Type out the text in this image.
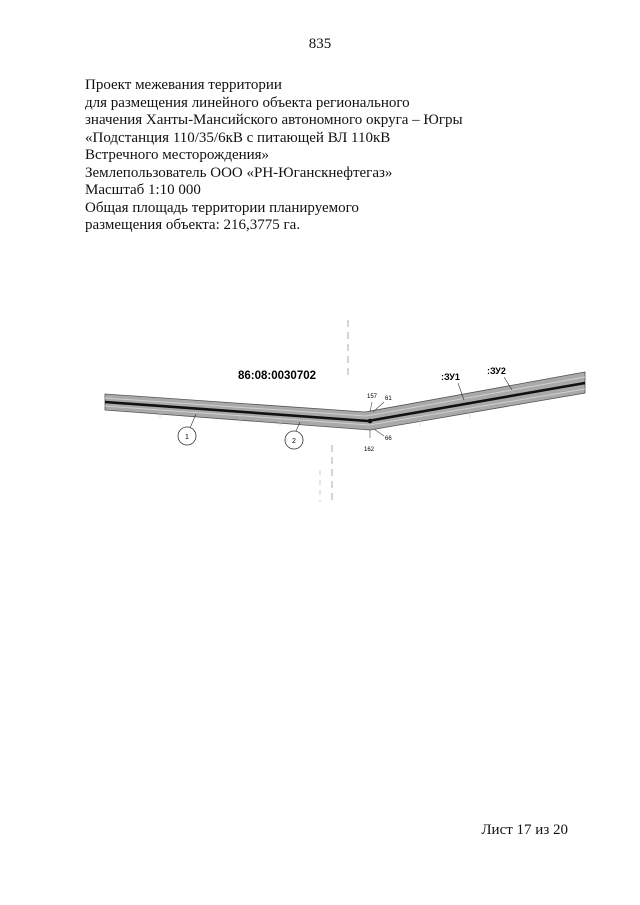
835
Проект межевания территории
для размещения линейного объекта регионального
значения Ханты-Мансийского автономного округа – Югры
«Подстанция 110/35/6кВ с питающей ВЛ 110кВ
Встречного месторождения»
Землепользователь ООО «РН-Юганскнефтегаз»
Масштаб 1:10 000
Общая площадь территории планируемого
размещения объекта: 216,3775 га.
157 61
66
162
86:08:0030702	:ЗУ1
:ЗУ2
1
2
Лист 17 из 20
